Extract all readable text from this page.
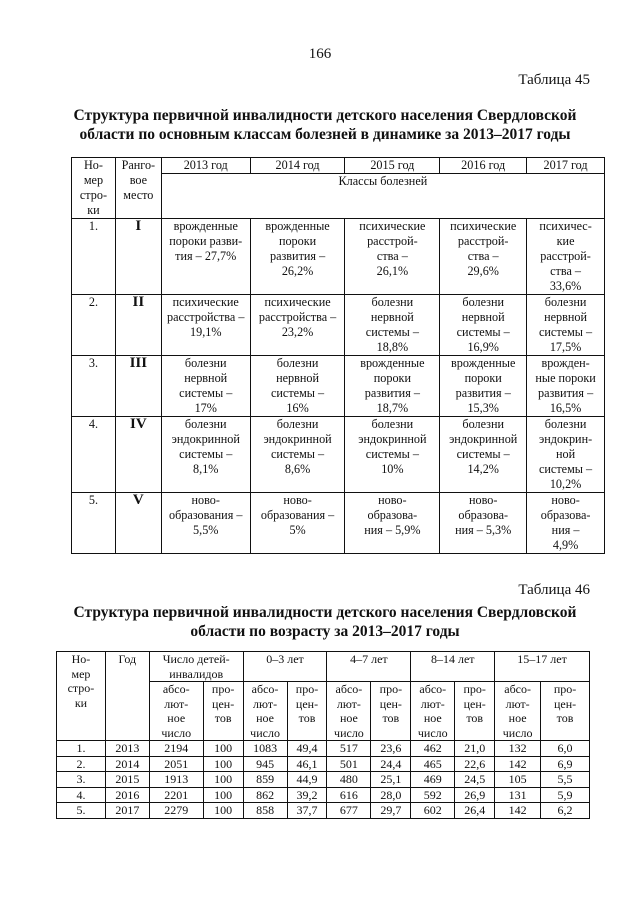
166
Таблица 45
Структура первичной инвалидности детского населения Свердловской
области по основным классам болезней в динамике за 2013–2017 годы
Но-
мер
стро-
ки	Ранго-
вое
место	2013 год	2014 год	2015 год	2016 год	2017 год
		Классы болезней				
1.	I	врожденные
пороки разви-
тия – 27,7%	врожденные
пороки
развития –
26,2%	психические
расстрой-
ства –
26,1%	психические
расстрой-
ства –
29,6%	психичес-
кие
расстрой-
ства –
33,6%
2.	II	психические
расстройства –
19,1%	психические
расстройства –
23,2%	болезни
нервной
системы –
18,8%	болезни
нервной
системы –
16,9%	болезни
нервной
системы –
17,5%
3.	III	болезни
нервной
системы –
17%	болезни
нервной
системы –
16%	врожденные
пороки
развития –
18,7%	врожденные
пороки
развития –
15,3%	врожден-
ные пороки
развития –
16,5%
4.	IV	болезни
эндокринной
системы –
8,1%	болезни
эндокринной
системы –
8,6%	болезни
эндокринной
системы –
10%	болезни
эндокринной
системы –
14,2%	болезни
эндокрин-
ной
системы –
10,2%
5.	V	ново-
образования –
5,5%	ново-
образования –
5%	ново-
образова-
ния – 5,9%	ново-
образова-
ния – 5,3%	ново-
образова-
ния –
4,9%
Таблица 46
Структура первичной инвалидности детского населения Свердловской
области по возрасту за 2013–2017 годы
Но-
мер
стро-
ки	Год	Число детей-
инвалидов		0–3 лет		4–7 лет		8–14 лет		15–17 лет	
		абсо-
лют-
ное
число	про-
цен-
тов	абсо-
лют-
ное
число	про-
цен-
тов	абсо-
лют-
ное
число	про-
цен-
тов	абсо-
лют-
ное
число	про-
цен-
тов	абсо-
лют-
ное
число	про-
цен-
тов
1.	2013	2194	100	1083	49,4	517	23,6	462	21,0	132	6,0
2.	2014	2051	100	945	46,1	501	24,4	465	22,6	142	6,9
3.	2015	1913	100	859	44,9	480	25,1	469	24,5	105	5,5
4.	2016	2201	100	862	39,2	616	28,0	592	26,9	131	5,9
5.	2017	2279	100	858	37,7	677	29,7	602	26,4	142	6,2
